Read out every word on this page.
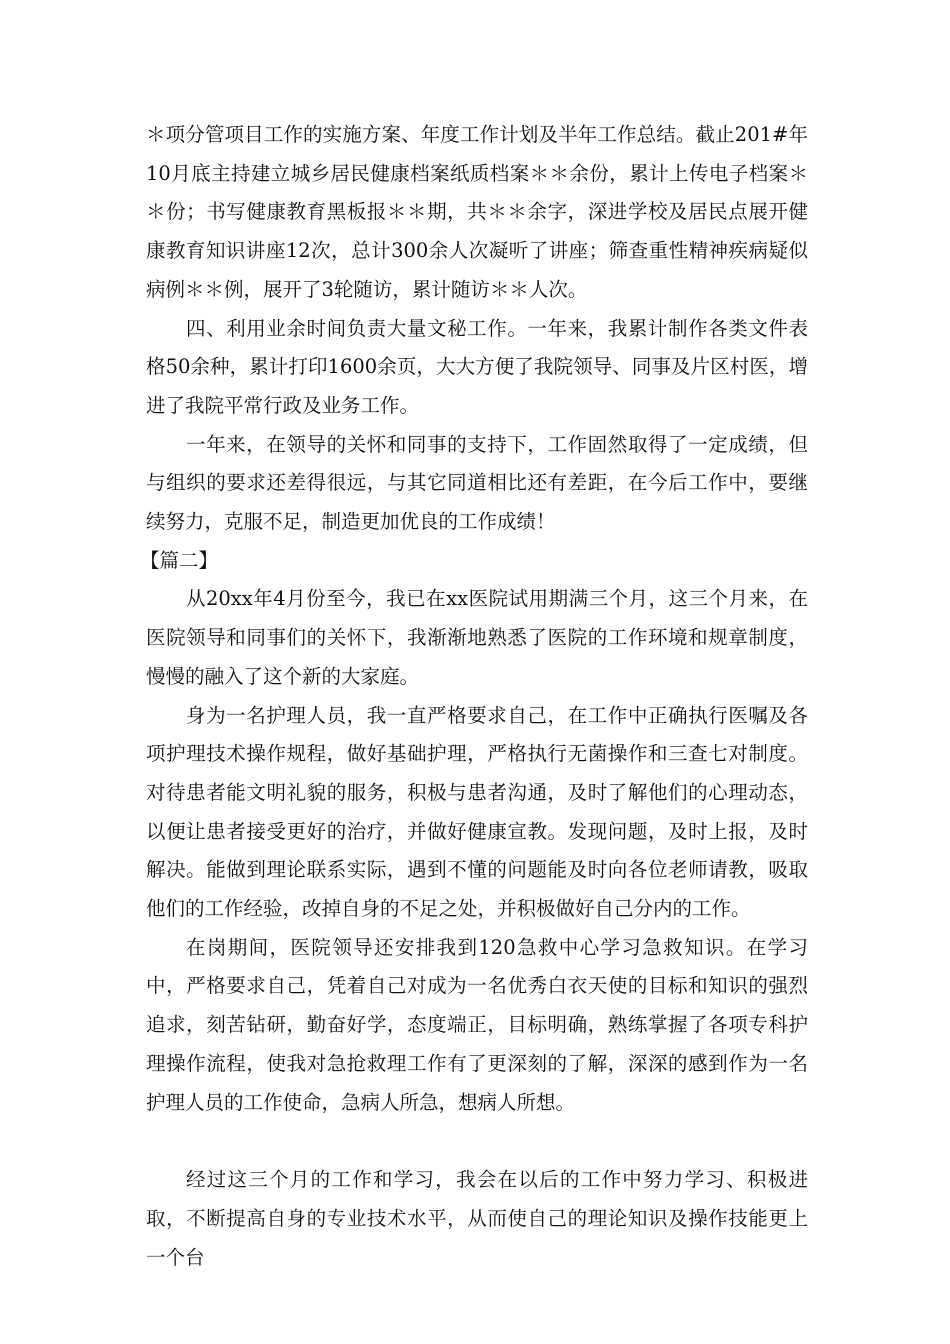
＊项分管项目工作的实施方案、年度工作计划及半年工作总结。截止201#年10月底主持建立城乡居民健康档案纸质档案＊＊余份，累计上传电子档案＊＊份；书写健康教育黑板报＊＊期，共＊＊余字，深进学校及居民点展开健康教育知识讲座12次，总计300余人次凝听了讲座；筛查重性精神疾病疑似病例＊＊例，展开了3轮随访，累计随访＊＊人次。

四、利用业余时间负责大量文秘工作。一年来，我累计制作各类文件表格50余种，累计打印1600余页，大大方便了我院领导、同事及片区村医，增进了我院平常行政及业务工作。

一年来，在领导的关怀和同事的支持下，工作固然取得了一定成绩，但与组织的要求还差得很远，与其它同道相比还有差距，在今后工作中，要继续努力，克服不足，制造更加优良的工作成绩！

【篇二】

从20xx年4月份至今，我已在xx医院试用期满三个月，这三个月来，在医院领导和同事们的关怀下，我渐渐地熟悉了医院的工作环境和规章制度，慢慢的融入了这个新的大家庭。

身为一名护理人员，我一直严格要求自己，在工作中正确执行医嘱及各项护理技术操作规程，做好基础护理，严格执行无菌操作和三查七对制度。对待患者能文明礼貌的服务，积极与患者沟通，及时了解他们的心理动态，以便让患者接受更好的治疗，并做好健康宣教。发现问题，及时上报，及时解决。能做到理论联系实际，遇到不懂的问题能及时向各位老师请教，吸取他们的工作经验，改掉自身的不足之处，并积极做好自己分内的工作。

在岗期间，医院领导还安排我到120急救中心学习急救知识。在学习中，严格要求自己，凭着自己对成为一名优秀白衣天使的目标和知识的强烈追求，刻苦钻研，勤奋好学，态度端正，目标明确，熟练掌握了各项专科护理操作流程，使我对急抢救理工作有了更深刻的了解，深深的感到作为一名护理人员的工作使命，急病人所急，想病人所想。

经过这三个月的工作和学习，我会在以后的工作中努力学习、积极进取，不断提高自身的专业技术水平，从而使自己的理论知识及操作技能更上一个台
